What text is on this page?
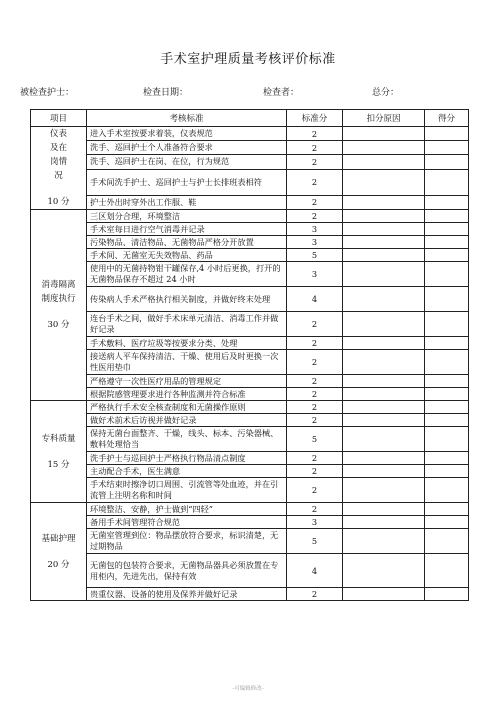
手术室护理质量考核评价标准
被检查护士：	检查日期：	检查者：	总分：
项目	考核标准	标准分	扣分原因	得分

仪表
及在
岗情
况
10 分	进入手术室按要求着装，仪表规范	2		
	洗手、巡回护士个人准备符合要求	2		
	洗手、巡回护士在岗、在位，行为规范	2		
	手术间洗手护士、巡回护士与护士长排班表相符	2		
	护士外出时穿外出工作服、鞋	2		

消毒隔离
制度执行
30 分	三区划分合理，环境整洁	2		
	手术室每日进行空气消毒并记录	3		
	污染物品、清洁物品、无菌物品严格分开放置	3		
	手术间、无菌室无失效物品、药品	5		
	使用中的无菌持物钳干罐保存,4 小时后更换，打开的无菌物品保存不超过 24 小时	3		
	传染病人手术严格执行相关制度，并做好终末处理	4		
	连台手术之间，做好手术床单元清洁、消毒工作并做好记录	2		
	手术敷料、医疗垃圾等按要求分类、处理	2		
	接送病人平车保持清洁、干燥、使用后及时更换一次性医用垫巾	2		
	严格遵守一次性医疗用品的管理规定	2		
	根据院感管理要求进行各种监测并符合标准	2		

专科质量
15 分	严格执行手术安全核查制度和无菌操作原则	2		
	做好术前术后访视并做好记录	2		
	保持无菌台面整齐、干燥，线头、标本、污染器械、敷料处理恰当	5		
	洗手护士与巡回护士严格执行物品清点制度	2		
	主动配合手术，医生满意	2		
	手术结束时擦净切口周围、引流管等处血迹，并在引流管上注明名称和时间	2		

基础护理
20 分	环境整洁、安静，护士做到“四轻”	2		
	备用手术间管理符合规范	3		
	无菌室管理到位：物品摆放符合要求，标识清楚，无过期物品	5		
	无菌包的包装符合要求，无菌物品器具必须放置在专用柜内，先进先出，保持有效	4		
	贵重仪器、设备的使用及保养并做好记录	2		
-可编辑修改-
